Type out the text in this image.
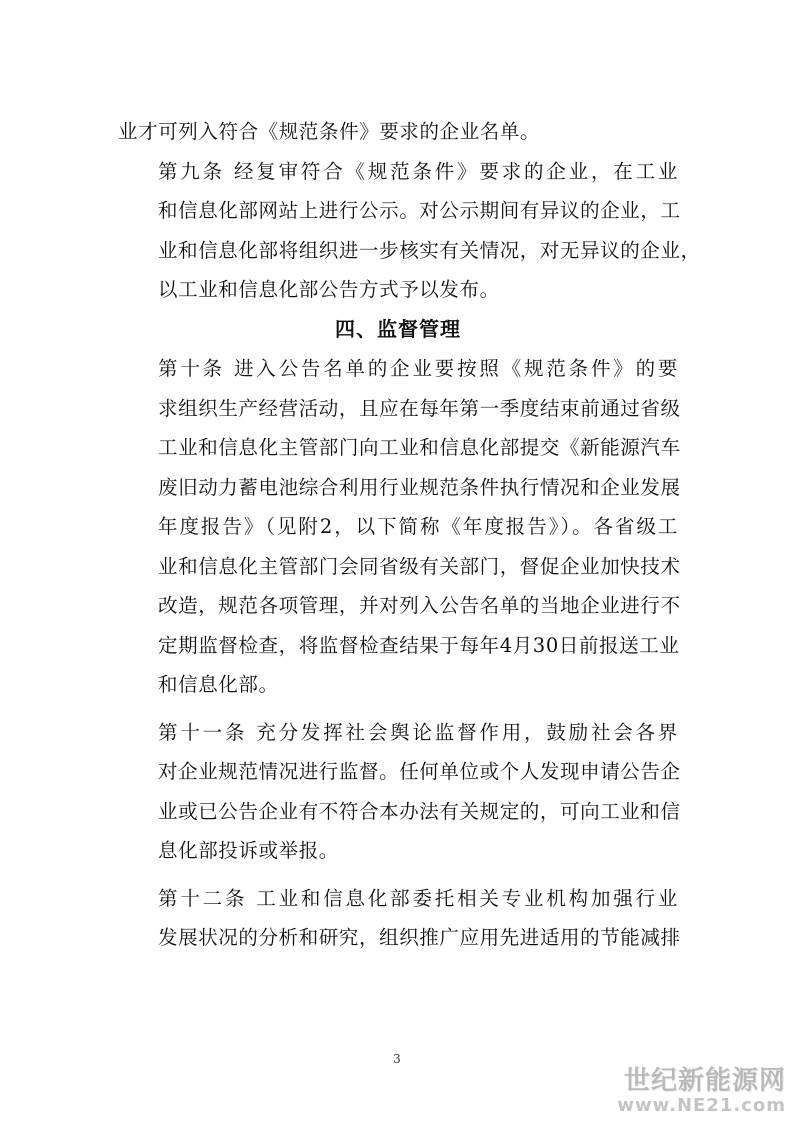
业才可列入符合《规范条件》要求的企业名单。

第九条 经复审符合《规范条件》要求的企业，在工业
和信息化部网站上进行公示。对公示期间有异议的企业，工
业和信息化部将组织进一步核实有关情况，对无异议的企业，
以工业和信息化部公告方式予以发布。

四、监督管理

第十条 进入公告名单的企业要按照《规范条件》的要
求组织生产经营活动，且应在每年第一季度结束前通过省级
工业和信息化主管部门向工业和信息化部提交《新能源汽车
废旧动力蓄电池综合利用行业规范条件执行情况和企业发展
年度报告》（见附2，以下简称《年度报告》）。各省级工
业和信息化主管部门会同省级有关部门，督促企业加快技术
改造，规范各项管理，并对列入公告名单的当地企业进行不
定期监督检查，将监督检查结果于每年4月30日前报送工业
和信息化部。

第十一条 充分发挥社会舆论监督作用，鼓励社会各界
对企业规范情况进行监督。任何单位或个人发现申请公告企
业或已公告企业有不符合本办法有关规定的，可向工业和信
息化部投诉或举报。

第十二条 工业和信息化部委托相关专业机构加强行业
发展状况的分析和研究，组织推广应用先进适用的节能减排

3
世纪新能源网
www.NE21.com
